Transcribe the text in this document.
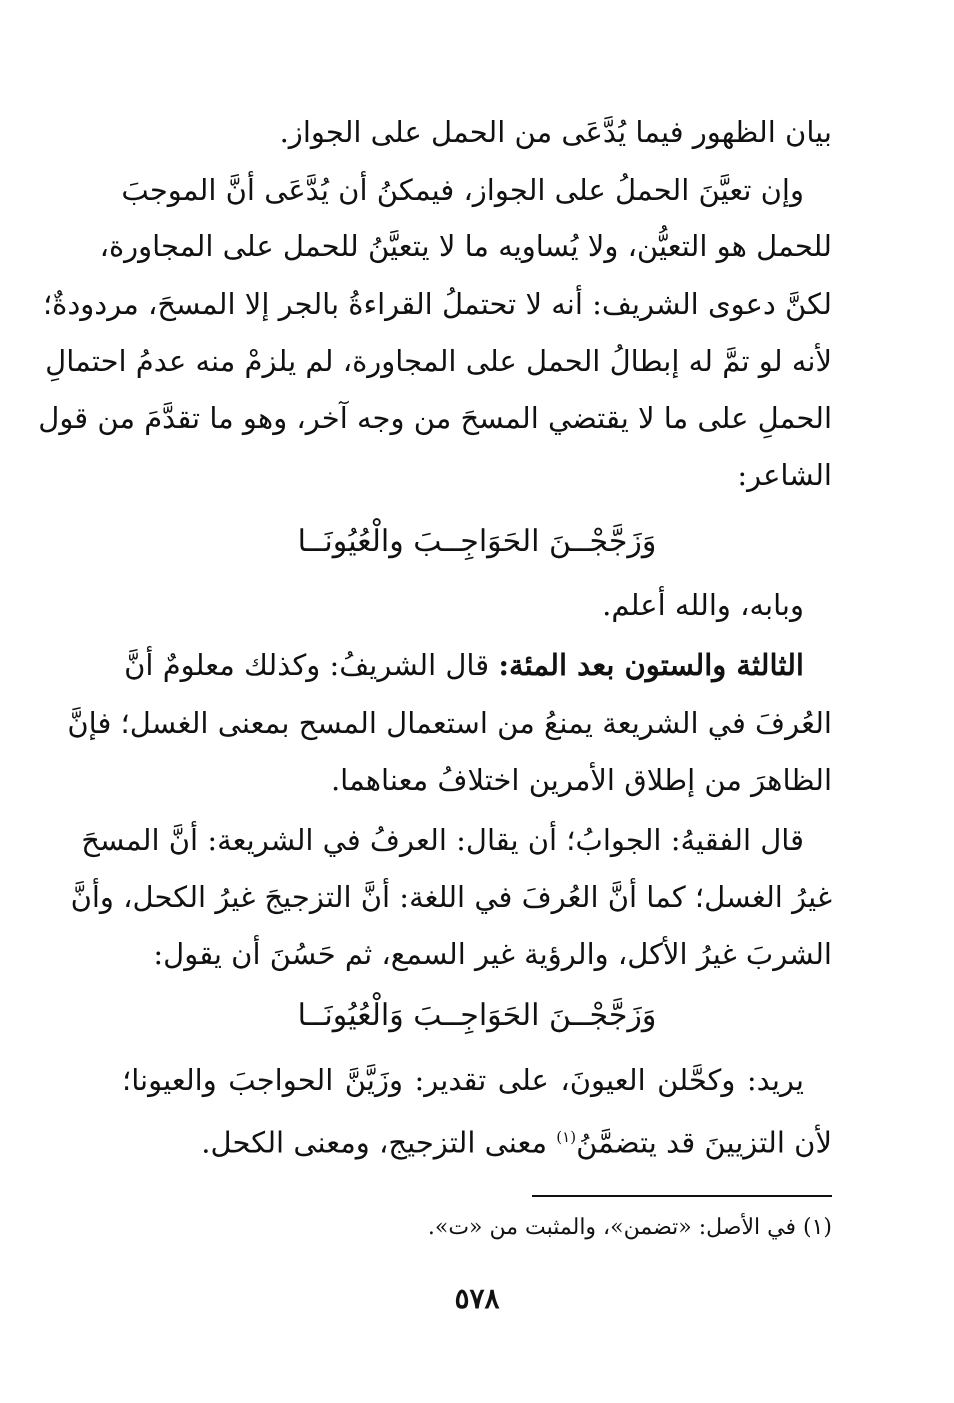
بيان الظهور فيما يُدَّعَى من الحمل على الجواز.
وإن تعيَّنَ الحملُ على الجواز، فيمكنُ أن يُدَّعَى أنَّ الموجبَ
للحمل هو التعيُّن، ولا يُساويه ما لا يتعيَّنُ للحمل على المجاورة،
لكنَّ دعوى الشريف: أنه لا تحتملُ القراءةُ بالجر إلا المسحَ، مردودةٌ؛
لأنه لو تمَّ له إبطالُ الحمل على المجاورة، لم يلزمْ منه عدمُ احتمالِ
الحملِ على ما لا يقتضي المسحَ من وجه آخر، وهو ما تقدَّمَ من قول
الشاعر:
وَزَجَّجْــنَ الحَوَاجِــبَ والْعُيُونَــا
وبابه، والله أعلم.
الثالثة والستون بعد المئة: قال الشريفُ: وكذلك معلومٌ أنَّ
العُرفَ في الشريعة يمنعُ من استعمال المسح بمعنى الغسل؛ فإنَّ
الظاهرَ من إطلاق الأمرين اختلافُ معناهما.
قال الفقيهُ: الجوابُ؛ أن يقال: العرفُ في الشريعة: أنَّ المسحَ
غيرُ الغسل؛ كما أنَّ العُرفَ في اللغة: أنَّ التزجيجَ غيرُ الكحل، وأنَّ
الشربَ غيرُ الأكل، والرؤية غير السمع، ثم حَسُنَ أن يقول:
وَزَجَّجْــنَ الحَوَاجِــبَ وَالْعُيُونَــا
يريد: وكحَّلن العيونَ، على تقدير: وزَيَّنَّ الحواجبَ والعيونا؛
لأن التزيينَ قد يتضمَّنُ$^{(١)}$ معنى التزجيج، ومعنى الكحل.
(١) في الأصل: «تضمن»، والمثبت من «ت».
٥٧٨
